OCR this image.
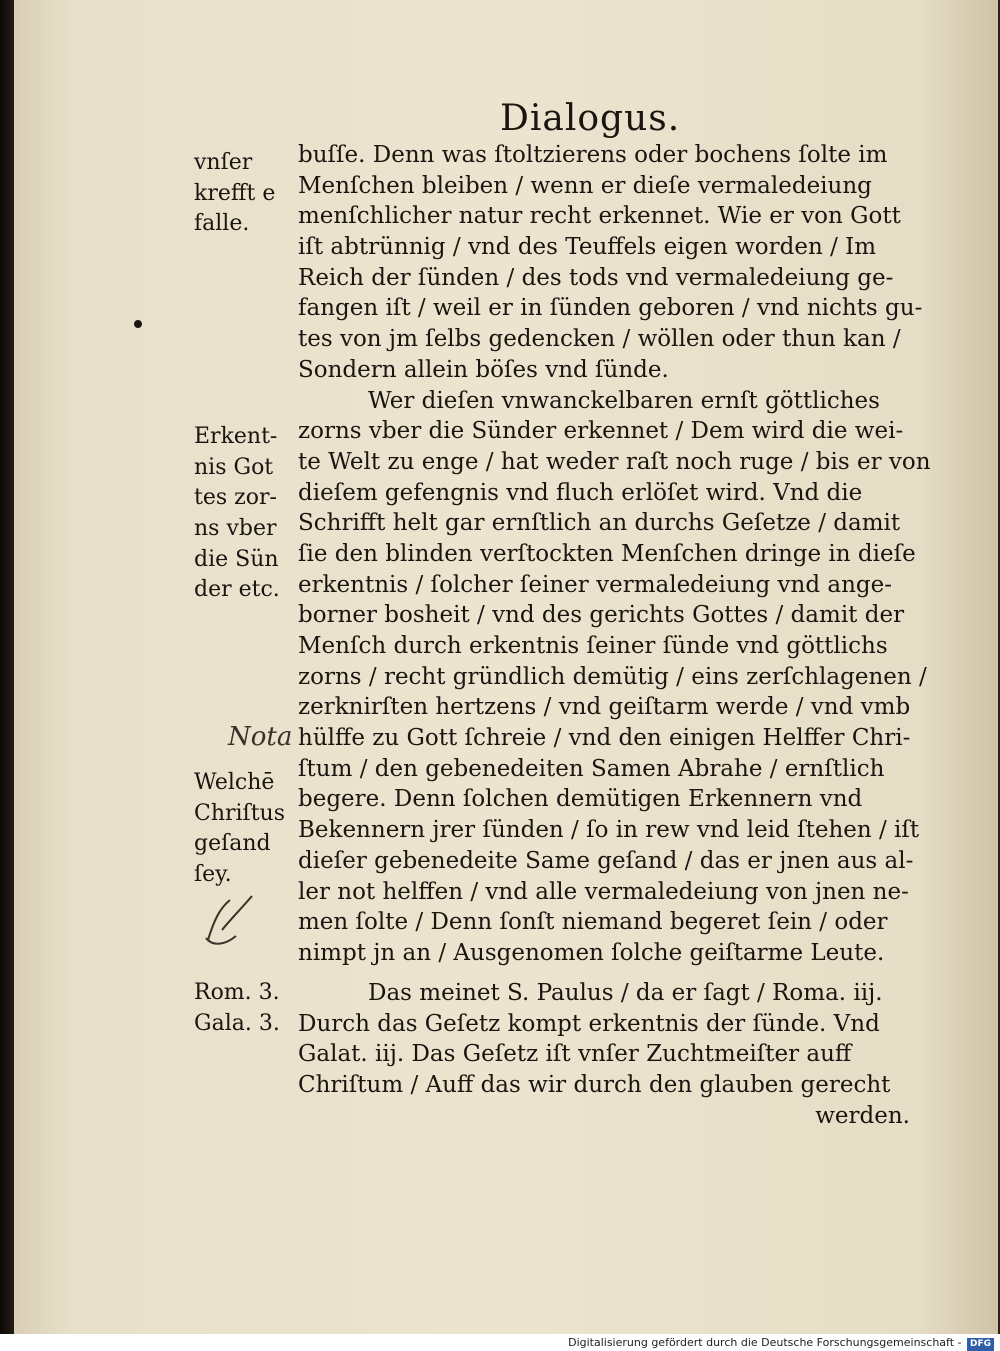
Dialogus.
buſſe. Denn was ſtoltzierens oder bochens ſolte im
Menſchen bleiben / wenn er dieſe vermaledeiung
menſchlicher natur recht erkennet. Wie er von Gott
iſt abtrünnig / vnd des Teuffels eigen worden / Im
Reich der ſünden / des tods vnd vermaledeiung ge-
fangen iſt / weil er in ſünden geboren / vnd nichts gu-
tes von jm ſelbs gedencken / wöllen oder thun kan /
Sondern allein böſes vnd ſünde.
Wer dieſen vnwanckelbaren ernſt göttliches
zorns vber die Sünder erkennet / Dem wird die wei-
te Welt zu enge / hat weder raſt noch ruge / bis er von
dieſem gefengnis vnd fluch erlöſet wird. Vnd die
Schrifft helt gar ernſtlich an durchs Geſetze / damit
ſie den blinden verſtockten Menſchen dringe in dieſe
erkentnis / ſolcher ſeiner vermaledeiung vnd ange-
borner bosheit / vnd des gerichts Gottes / damit der
Menſch durch erkentnis ſeiner ſünde vnd göttlichs
zorns / recht gründlich demütig / eins zerſchlagenen /
zerknirſten hertzens / vnd geiſtarm werde / vnd vmb
hülffe zu Gott ſchreie / vnd den einigen Helffer Chri-
ſtum / den gebenedeiten Samen Abrahe / ernſtlich
begere. Denn ſolchen demütigen Erkennern vnd
Bekennern jrer ſünden / ſo in rew vnd leid ſtehen / iſt
dieſer gebenedeite Same geſand / das er jnen aus al-
ler not helffen / vnd alle vermaledeiung von jnen ne-
men ſolte / Denn ſonſt niemand begeret ſein / oder
nimpt jn an / Ausgenomen ſolche geiſtarme Leute.
Das meinet S. Paulus / da er ſagt / Roma. iij.
Durch das Geſetz kompt erkentnis der ſünde. Vnd
Galat. iij. Das Geſetz iſt vnſer Zuchtmeiſter auff
Chriſtum / Auff das wir durch den glauben gerecht
werden.
vnſer
krefft e
falle.
Erkent-
nis Got
tes zor-
ns vber
die Sün
der etc.
Welchē
Chriſtus
geſand
ſey.
Rom. 3.
Gala. 3.
Nota
Digitalisierung gefördert durch die Deutsche Forschungsgemeinschaft - DFG
